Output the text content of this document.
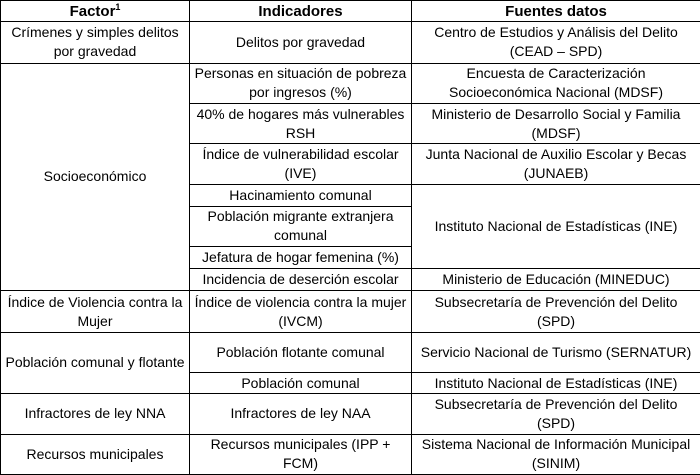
Factor$^1$	Indicadores	Fuentes datos
Crímenes y simples delitos por gravedad	Delitos por gravedad	Centro de Estudios y Análisis del Delito (CEAD – SPD)
Socioeconómico	Personas en situación de pobreza por ingresos (%)	Encuesta de Caracterización Socioeconómica Nacional (MDSF)
	40% de hogares más vulnerables RSH	Ministerio de Desarrollo Social y Familia (MDSF)
	Índice de vulnerabilidad escolar (IVE)	Junta Nacional de Auxilio Escolar y Becas (JUNAEB)
	Hacinamiento comunal	Instituto Nacional de Estadísticas (INE)
	Población migrante extranjera comunal	
	Jefatura de hogar femenina (%)	
	Incidencia de deserción escolar	Ministerio de Educación (MINEDUC)
Índice de Violencia contra la Mujer	Índice de violencia contra la mujer (IVCM)	Subsecretaría de Prevención del Delito (SPD)
Población comunal y flotante	Población flotante comunal	Servicio Nacional de Turismo (SERNATUR)
	Población comunal	Instituto Nacional de Estadísticas (INE)
Infractores de ley NNA	Infractores de ley NAA	Subsecretaría de Prevención del Delito (SPD)
Recursos municipales	Recursos municipales (IPP + FCM)	Sistema Nacional de Información Municipal (SINIM)
